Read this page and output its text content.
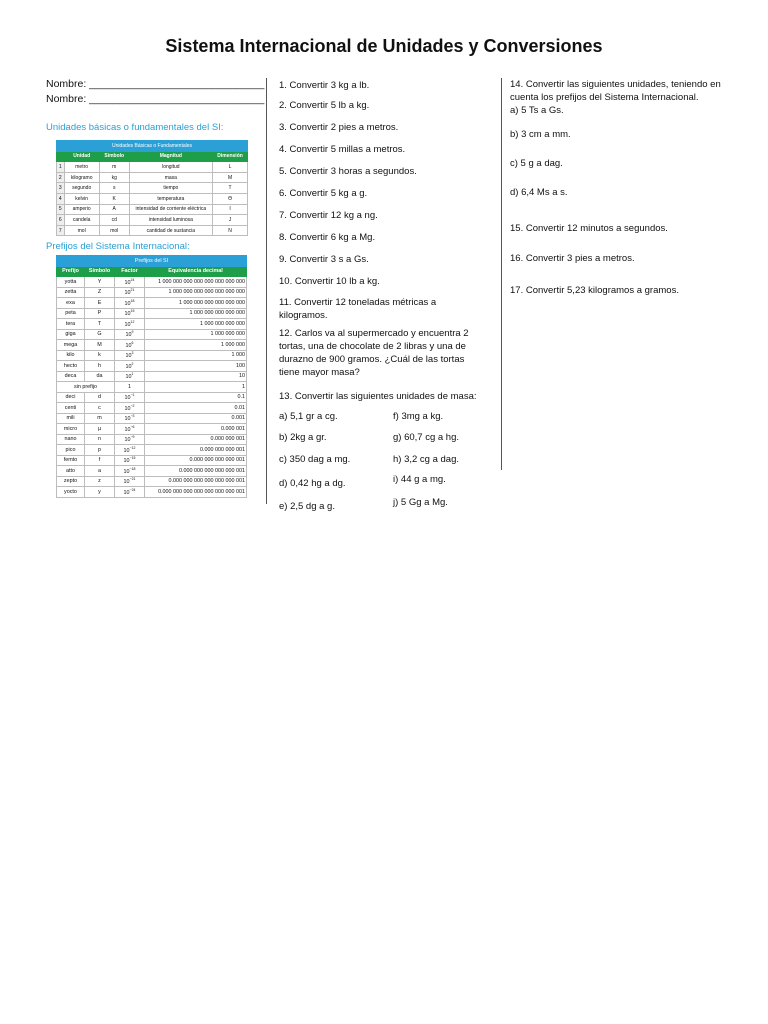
Sistema Internacional de Unidades y Conversiones
Nombre: ______________________________
Nombre: ______________________________
Unidades básicas o fundamentales del SI:
Unidades Básicas o Fundamentales				
	Unidad	Símbolo	Magnitud	Dimensión
1	metro	m	longitud	L
2	kilogramo	kg	masa	M
3	segundo	s	tiempo	T
4	kelvin	K	temperatura	Θ
5	amperio	A	intensidad de corriente eléctrica	I
6	candela	cd	intensidad luminosa	J
7	mol	mol	cantidad de sustancia	N
Prefijos del Sistema Internacional:
Prefijos del SI			
Prefijo	Símbolo	Factor	Equivalencia decimal
yotta	Y	$10^{24}$	1 000 000 000 000 000 000 000 000
zetta	Z	$10^{21}$	1 000 000 000 000 000 000 000
exa	E	$10^{18}$	1 000 000 000 000 000 000
peta	P	$10^{15}$	1 000 000 000 000 000
tera	T	$10^{12}$	1 000 000 000 000
giga	G	$10^9$	1 000 000 000
mega	M	$10^6$	1 000 000
kilo	k	$10^3$	1 000
hecto	h	$10^2$	100
deca	da	$10^1$	10
sin prefijo		1	1
deci	d	$10^{-1}$	0.1
centi	c	$10^{-2}$	0.01
mili	m	$10^{-3}$	0.001
micro	µ	$10^{-6}$	0.000 001
nano	n	$10^{-9}$	0.000 000 001
pico	p	$10^{-12}$	0.000 000 000 001
femto	f	$10^{-15}$	0.000 000 000 000 001
atto	a	$10^{-18}$	0.000 000 000 000 000 001
zepto	z	$10^{-21}$	0.000 000 000 000 000 000 001
yocto	y	$10^{-24}$	0.000 000 000 000 000 000 000 001
1. Convertir 3 kg a lb.
2. Convertir 5 lb a kg.
3. Convertir 2 pies a metros.
4. Convertir 5 millas a metros.
5. Convertir 3 horas a segundos.
6. Convertir 5 kg a g.
7. Convertir 12 kg a ng.
8. Convertir 6 kg a Mg.
9. Convertir 3 s a Gs.
10. Convertir 10 lb a kg.
11. Convertir 12 toneladas métricas a kilogramos.
12. Carlos va al supermercado y encuentra 2 tortas, una de chocolate de 2 libras y una de durazno de 900 gramos. ¿Cuál de las tortas tiene mayor masa?
13. Convertir las siguientes unidades de masa:
a) 5,1 gr a cg.
b) 2kg a gr.
c) 350 dag a mg.
d) 0,42 hg a dg.
e) 2,5 dg a g.
f) 3mg a kg.
g) 60,7 cg a hg.
h) 3,2 cg a dag.
i) 44 g a mg.
j) 5 Gg a Mg.
14. Convertir las siguientes unidades, teniendo en cuenta los prefijos del Sistema Internacional.
a) 5 Ts a Gs.
b) 3 cm a mm.
c) 5 g a dag.
d) 6,4 Ms a s.
15. Convertir 12 minutos a segundos.
16. Convertir 3 pies a metros.
17. Convertir 5,23 kilogramos a gramos.
